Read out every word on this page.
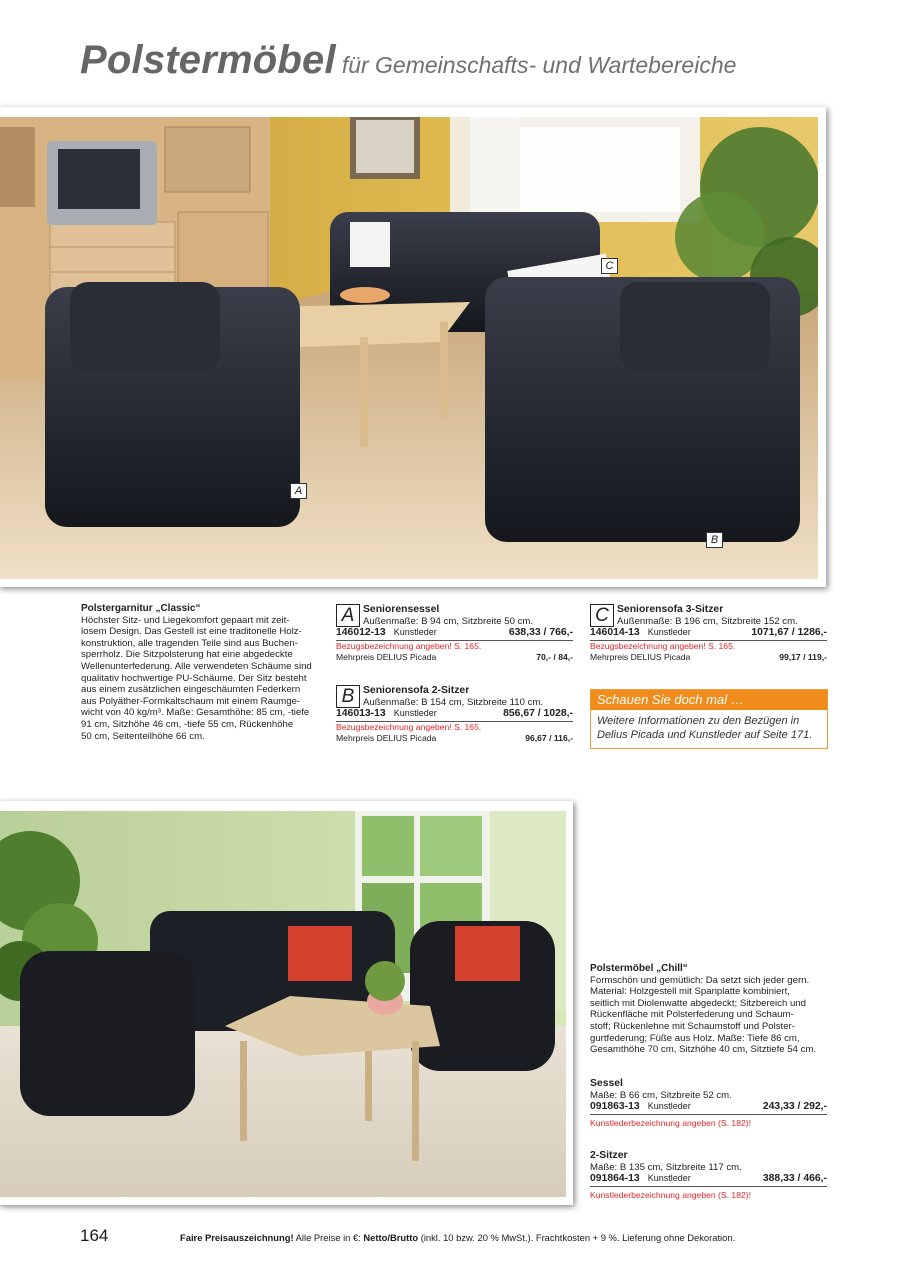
Polstermöbel für Gemeinschafts- und Wartebereiche
A
B
C
Polstergarnitur „Classic“
Höchster Sitz- und Liegekomfort gepaart mit zeit-
losem Design. Das Gestell ist eine traditonelle Holz-
konstruktion, alle tragenden Teile sind aus Buchen-
sperrholz. Die Sitzpolsterung hat eine abgedeckte
Wellenunterfederung. Alle verwendeten Schäume sind
qualitativ hochwertige PU-Schäume. Der Sitz besteht
aus einem zusätzlichen eingeschäumten Federkern
aus Polyäther-Formkaltschaum mit einem Raumge-
wicht von 40 kg/m³. Maße: Gesamthöhe: 85 cm, -tiefe
91 cm, Sitzhöhe 46 cm, -tiefe 55 cm, Rückenhöhe
50 cm, Seitenteilhöhe 66 cm.
A Seniorensessel
Außenmaße: B 94 cm, Sitzbreite 50 cm.
146012-13 Kunstleder	638,33 / 766,-
Bezugsbezeichnung angeben! S. 165.
Mehrpreis DELIUS Picada	70,- / 84,-
B Seniorensofa 2-Sitzer
Außenmaße: B 154 cm, Sitzbreite 110 cm.
146013-13 Kunstleder	856,67 / 1028,-
Bezugsbezeichnung angeben! S. 165.
Mehrpreis DELIUS Picada	96,67 / 116,-
C Seniorensofa 3-Sitzer
Außenmaße: B 196 cm, Sitzbreite 152 cm.
146014-13 Kunstleder	1071,67 / 1286,-
Bezugsbezeichnung angeben! S. 165.
Mehrpreis DELIUS Picada	99,17 / 119,-
Schauen Sie doch mal …
Weitere Informationen zu den Bezügen in
Delius Picada und Kunstleder auf Seite 171.
Polstermöbel „Chill“
Formschön und gemütlich: Da setzt sich jeder gern.
Material: Holzgestell mit Spanplatte kombiniert,
seitlich mit Diolenwatte abgedeckt; Sitzbereich und
Rückenfläche mit Polsterfederung und Schaum-
stoff; Rückenlehne mit Schaumstoff und Polster-
gurtfederung; Füße aus Holz. Maße: Tiefe 86 cm,
Gesamthöhe 70 cm, Sitzhöhe 40 cm, Sitztiefe 54 cm.
Sessel
Maße: B 66 cm, Sitzbreite 52 cm.
091863-13 Kunstleder	243,33 / 292,-
Kunstlederbezeichnung angeben (S. 182)!
2-Sitzer
Maße: B 135 cm, Sitzbreite 117 cm.
091864-13 Kunstleder	388,33 / 466,-
Kunstlederbezeichnung angeben (S. 182)!
164	Faire Preisauszeichnung! Alle Preise in €: Netto/Brutto (inkl. 10 bzw. 20 % MwSt.). Frachtkosten + 9 %. Lieferung ohne Dekoration.
